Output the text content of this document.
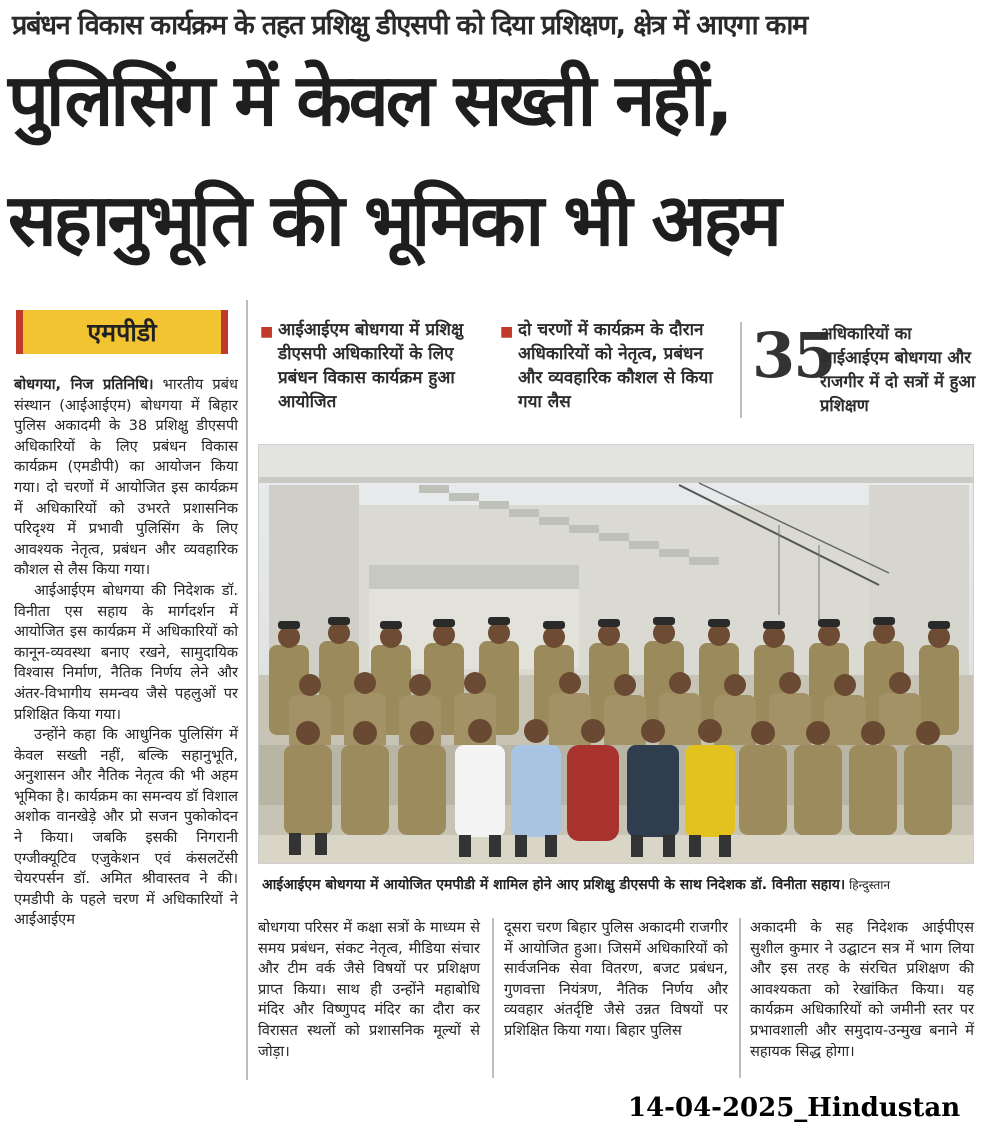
प्रबंधन विकास कार्यक्रम के तहत प्रशिक्षु डीएसपी को दिया प्रशिक्षण, क्षेत्र में आएगा काम
पुलिसिंग में केवल सख्ती नहीं,
सहानुभूति की भूमिका भी अहम
एमपीडी

बोधगया, निज प्रतिनिधि। भारतीय प्रबंध संस्थान (आईआईएम) बोधगया में बिहार पुलिस अकादमी के 38 प्रशिक्षु डीएसपी अधिकारियों के लिए प्रबंधन विकास कार्यक्रम (एमडीपी) का आयोजन किया गया। दो चरणों में आयोजित इस कार्यक्रम में अधिकारियों को उभरते प्रशासनिक परिदृश्य में प्रभावी पुलिसिंग के लिए आवश्यक नेतृत्व, प्रबंधन और व्यवहारिक कौशल से लैस किया गया।

आईआईएम बोधगया की निदेशक डॉ. विनीता एस सहाय के मार्गदर्शन में आयोजित इस कार्यक्रम में अधिकारियों को कानून-व्यवस्था बनाए रखने, सामुदायिक विश्वास निर्माण, नैतिक निर्णय लेने और अंतर-विभागीय समन्वय जैसे पहलुओं पर प्रशिक्षित किया गया।

उन्होंने कहा कि आधुनिक पुलिसिंग में केवल सख्ती नहीं, बल्कि सहानुभूति, अनुशासन और नैतिक नेतृत्व की भी अहम भूमिका है। कार्यक्रम का समन्वय डॉ विशाल अशोक वानखेड़े और प्रो सजन पुकोकोदन ने किया। जबकि इसकी निगरानी एग्जीक्यूटिव एजुकेशन एवं कंसलटेंसी चेयरपर्सन डॉ. अमित श्रीवास्तव ने की। एमडीपी के पहले चरण में अधिकारियों ने आईआईएम

■ आईआईएम बोधगया में प्रशिक्षु डीएसपी अधिकारियों के लिए प्रबंधन विकास कार्यक्रम हुआ आयोजित
■ दो चरणों में कार्यक्रम के दौरान अधिकारियों को नेतृत्व, प्रबंधन और व्यवहारिक कौशल से किया गया लैस
35
अधिकारियों का आईआईएम बोधगया और राजगीर में दो सत्रों में हुआ प्रशिक्षण
आईआईएम बोधगया में आयोजित एमपीडी में शामिल होने आए प्रशिक्षु डीएसपी के साथ निदेशक डॉ. विनीता सहाय। हिन्दुस्तान
बोधगया परिसर में कक्षा सत्रों के माध्यम से समय प्रबंधन, संकट नेतृत्व, मीडिया संचार और टीम वर्क जैसे विषयों पर प्रशिक्षण प्राप्त किया। साथ ही उन्होंने महाबोधि मंदिर और विष्णुपद मंदिर का दौरा कर विरासत स्थलों को प्रशासनिक मूल्यों से जोड़ा।
दूसरा चरण बिहार पुलिस अकादमी राजगीर में आयोजित हुआ। जिसमें अधिकारियों को सार्वजनिक सेवा वितरण, बजट प्रबंधन, गुणवत्ता नियंत्रण, नैतिक निर्णय और व्यवहार अंतर्दृष्टि जैसे उन्नत विषयों पर प्रशिक्षित किया गया। बिहार पुलिस
अकादमी के सह निदेशक आईपीएस सुशील कुमार ने उद्घाटन सत्र में भाग लिया और इस तरह के संरचित प्रशिक्षण की आवश्यकता को रेखांकित किया। यह कार्यक्रम अधिकारियों को जमीनी स्तर पर प्रभावशाली और समुदाय-उन्मुख बनाने में सहायक सिद्ध होगा।
14-04-2025_Hindustan
